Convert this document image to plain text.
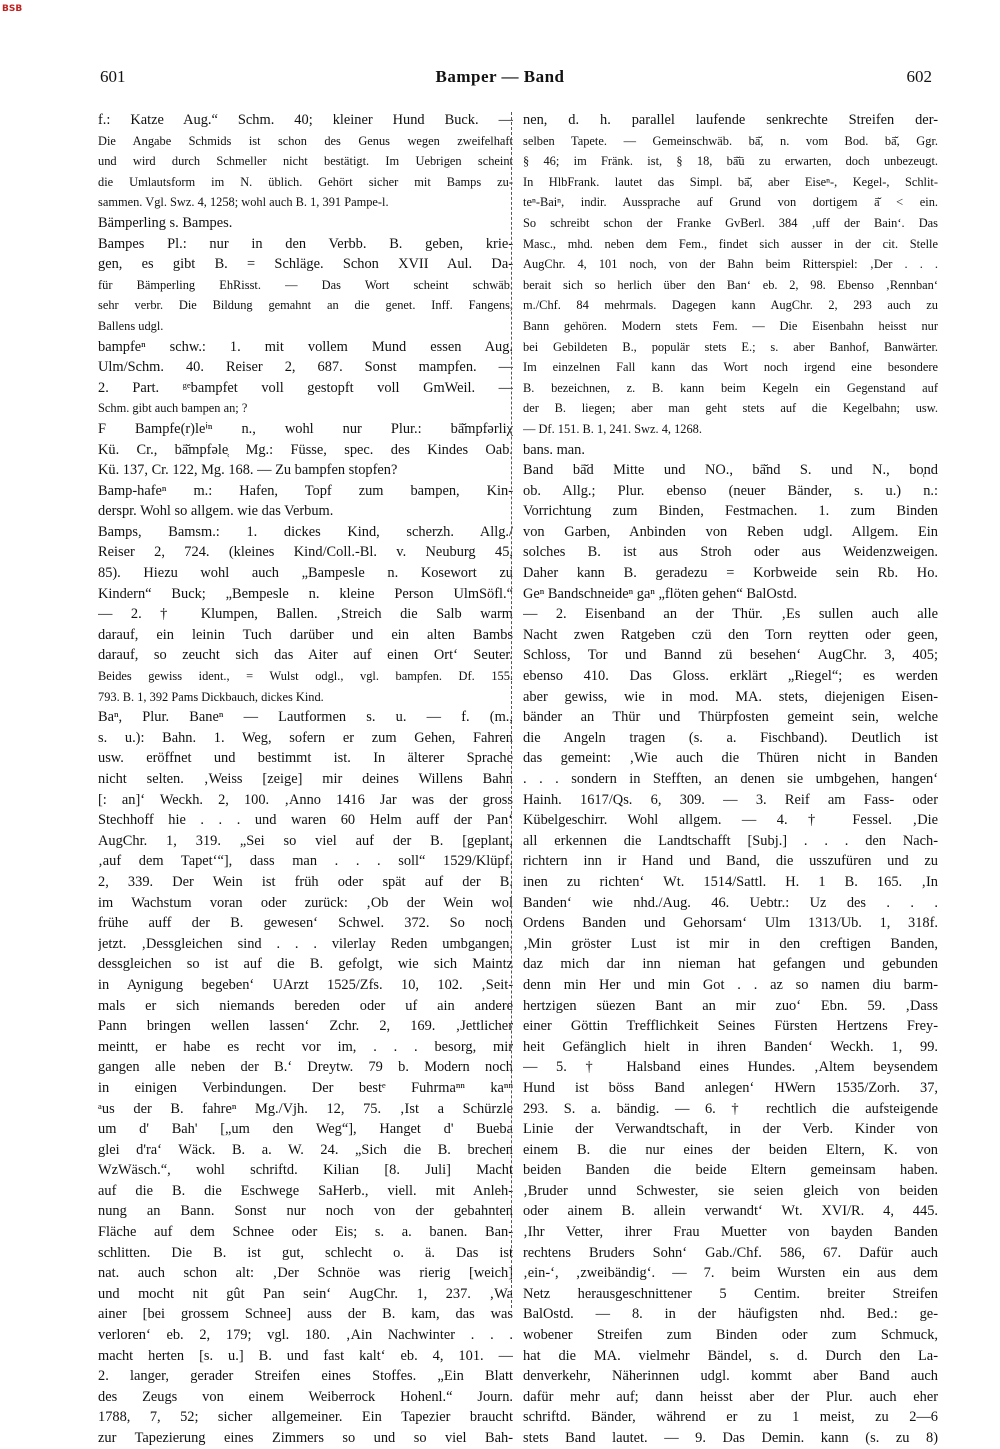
BSB
601	Bamper — Band	602
f.: Katze Aug.“ Schm. 40; kleiner Hund Buck. —
Die Angabe Schmids ist schon des Genus wegen zweifelhaft
und wird durch Schmeller nicht bestätigt. Im Uebrigen scheint
die Umlautsform im N. üblich. Gehört sicher mit Bamps zu-
sammen. Vgl. Swz. 4, 1258; wohl auch B. 1, 391 Pampe-l.
Bämperling s. Bampes.
Bampes Pl.: nur in den Verbb. B. geben, krie-
gen, es gibt B. = Schläge. Schon XVII Aul. Da-
für Bämperling EhRisst. — Das Wort scheint schwäb.
sehr verbr. Die Bildung gemahnt an die genet. Inff. Fangens,
Ballens udgl.
bampfeⁿ schw.: 1. mit vollem Mund essen Aug.
Ulm/Schm. 40. Reiser 2, 687. Sonst mampfen. —
2. Part. ᵍᵉbampfet voll gestopft voll GmWeil. —
Schm. gibt auch bampen an; ?
F Bampfe(r)leⁱⁿ n., wohl nur Plur.: bā̆mpfərliχ
Kü. Cr., bā̆mpfəle̜ Mg.: Füsse, spec. des Kindes Oab.
Kü. 137, Cr. 122, Mg. 168. — Zu bampfen stopfen?
Bamp-hafeⁿ m.: Hafen, Topf zum bampen, Kin-
derspr. Wohl so allgem. wie das Verbum.
Bamps, Bamsm.: 1. dickes Kind, scherzh. Allg./
Reiser 2, 724. (kleines Kind/Coll.-Bl. v. Neuburg 45,
85). Hiezu wohl auch „Bampesle n. Kosewort zu
Kindern“ Buck; „Bempesle n. kleine Person UlmSöfl.“
— 2. † Klumpen, Ballen. ‚Streich die Salb warm
darauf, ein leinin Tuch darüber und ein alten Bambs
darauf, so zeucht sich das Aiter auf einen Ort‘ Seuter.
Beides gewiss ident., = Wulst odgl., vgl. bampfen. Df. 155.
793. B. 1, 392 Pams Dickbauch, dickes Kind.
Baⁿ, Plur. Baneⁿ — Lautformen s. u. — f. (m.,
s. u.): Bahn. 1. Weg, sofern er zum Gehen, Fahren
usw. eröffnet und bestimmt ist. In älterer Sprache
nicht selten. ‚Weiss [zeige] mir deines Willens Bahn
[: an]‘ Weckh. 2, 100. ‚Anno 1416 Jar was der gross
Stechhoff hie . . . und waren 60 Helm auff der Pan‘
AugChr. 1, 319. „Sei so viel auf der B. [geplant,
‚auf dem Tapet‘“], dass man . . . soll“ 1529/Klüpf.
2, 339. Der Wein ist früh oder spät auf der B.
im Wachstum voran oder zurück: ‚Ob der Wein wol
frühe auff der B. gewesen‘ Schwel. 372. So noch
jetzt. ‚Dessgleichen sind . . . vilerlay Reden umbgangen,
dessgleichen so ist auf die B. gefolgt, wie sich Maintz
in Aynigung begeben‘ UArzt 1525/Zfs. 10, 102. ‚Seit-
mals er sich niemands bereden oder uf ain andere
Pann bringen wellen lassen‘ Zchr. 2, 169. ‚Jettlicher
meintt, er habe es recht vor im, . . . besorg, mir
gangen alle neben der B.‘ Dreytw. 79 b. Modern noch
in einigen Verbindungen. Der bestᵉ Fuhrmaⁿⁿ kaⁿⁿ
ᵃus der B. fahreⁿ Mg./Vjh. 12, 75. ‚Ist a Schürzle
um d' Bah' [„um den Weg“], Hanget d' Bueba
glei d'ra‘ Wäck. B. a. W. 24. „Sich die B. brechen
WzWäsch.“, wohl schriftd. Kilian [8. Juli] Macht
auf die B. die Eschwege SaHerb., viell. mit Anleh-
nung an Bann. Sonst nur noch von der gebahnten
Fläche auf dem Schnee oder Eis; s. a. banen. Ban-
schlitten. Die B. ist gut, schlecht o. ä. Das ist
nat. auch schon alt: ‚Der Schnöe was rierig [weich]
und mocht nit gût Pan sein‘ AugChr. 1, 237. ‚Wa
ainer [bei grossem Schnee] auss der B. kam, das was
verloren‘ eb. 2, 179; vgl. 180. ‚Ain Nachwinter . . .
macht herten [s. u.] B. und fast kalt‘ eb. 4, 101. —
2. langer, gerader Streifen eines Stoffes. „Ein Blatt
des Zeugs von einem Weiberrock Hohenl.“ Journ.
1788, 7, 52; sicher allgemeiner. Ein Tapezier braucht
zur Tapezierung eines Zimmers so und so viel Bah-
nen, d. h. parallel laufende senkrechte Streifen der-
selben Tapete. — Gemeinschwäb. bā̆, n. vom Bod. bā̆, Ggr.
§ 46; im Fränk. ist, § 18, bā̆ū zu erwarten, doch unbezeugt.
In HlbFrank. lautet das Simpl. bā̆, aber Eiseⁿ-, Kegel-, Schlit-
teⁿ-Baiⁿ, indir. Aussprache auf Grund von dortigem ā̆ < ein.
So schreibt schon der Franke GvBerl. 384 ‚uff der Bain‘. Das
Masc., mhd. neben dem Fem., findet sich ausser in der cit. Stelle
AugChr. 4, 101 noch, von der Bahn beim Ritterspiel: ‚Der . . .
berait sich so herlich über den Ban‘ eb. 2, 98. Ebenso ‚Rennban‘
m./Chf. 84 mehrmals. Dagegen kann AugChr. 2, 293 auch zu
Bann gehören. Modern stets Fem. — Die Eisenbahn heisst nur
bei Gebildeten B., populär stets E.; s. aber Banhof, Banwärter.
Im einzelnen Fall kann das Wort noch irgend eine besondere
B. bezeichnen, z. B. kann beim Kegeln ein Gegenstand auf
der B. liegen; aber man geht stets auf die Kegelbahn; usw.
— Df. 151. B. 1, 241. Swz. 4, 1268.
bans. man.
Band bā̆d Mitte und NO., bā̆nd S. und N., bo̜nd
ob. Allg.; Plur. ebenso (neuer Bänder, s. u.) n.:
Vorrichtung zum Binden, Festmachen. 1. zum Binden
von Garben, Anbinden von Reben udgl. Allgem. Ein
solches B. ist aus Stroh oder aus Weidenzweigen.
Daher kann B. geradezu = Korbweide sein Rb. Ho.
Geⁿ Bandschneideⁿ gaⁿ „flöten gehen“ BalOstd.
— 2. Eisenband an der Thür. ‚Es sullen auch alle
Nacht zwen Ratgeben czü den Torn reytten oder geen,
Schloss, Tor und Bannd zü besehen‘ AugChr. 3, 405;
ebenso 410. Das Gloss. erklärt „Riegel“; es werden
aber gewiss, wie in mod. MA. stets, diejenigen Eisen-
bänder an Thür und Thürpfosten gemeint sein, welche
die Angeln tragen (s. a. Fischband). Deutlich ist
das gemeint: ‚Wie auch die Thüren nicht in Banden
. . . sondern in Stefften, an denen sie umbgehen, hangen‘
Hainh. 1617/Qs. 6, 309. — 3. Reif am Fass- oder
Kübelgeschirr. Wohl allgem. — 4. † Fessel. ‚Die
all erkennen die Landtschafft [Subj.] . . . den Nach-
richtern inn ir Hand und Band, die usszufüren und zu
inen zu richten‘ Wt. 1514/Sattl. H. 1 B. 165. ‚In
Banden‘ wie nhd./Aug. 46. Uebtr.: Uz des . . .
Ordens Banden und Gehorsam‘ Ulm 1313/Ub. 1, 318f.
‚Min gröster Lust ist mir in den creftigen Banden,
daz mich dar inn nieman hat gefangen und gebunden
denn min Her und min Got . . az so namen diu barm-
hertzigen süezen Bant an mir zuo‘ Ebn. 59. ‚Dass
einer Göttin Trefflichkeit Seines Fürsten Hertzens Frey-
heit Gefänglich hielt in ihren Banden‘ Weckh. 1, 99.
— 5. † Halsband eines Hundes. ‚Altem beysendem
Hund ist böss Band anlegen‘ HWern 1535/Zorh. 37,
293. S. a. bändig. — 6. † rechtlich die aufsteigende
Linie der Verwandtschaft, in der Verb. Kinder von
einem B. die nur eines der beiden Eltern, K. von
beiden Banden die beide Eltern gemeinsam haben.
‚Bruder unnd Schwester, sie seien gleich von beiden
oder ainem B. allein verwandt‘ Wt. XVI/R. 4, 445.
‚Ihr Vetter, ihrer Frau Muetter von bayden Banden
rechtens Bruders Sohn‘ Gab./Chf. 586, 67. Dafür auch
‚ein-‘, ‚zweibändig‘. — 7. beim Wursten ein aus dem
Netz herausgeschnittener 5 Centim. breiter Streifen
BalOstd. — 8. in der häufigsten nhd. Bed.: ge-
wobener Streifen zum Binden oder zum Schmuck,
hat die MA. vielmehr Bändel, s. d. Durch den La-
denverkehr, Näherinnen udgl. kommt aber Band auch
dafür mehr auf; dann heisst aber der Plur. auch eher
schriftd. Bänder, während er zu 1 meist, zu 2—6
stets Band lautet. — 9. Das Demin. kann (s. zu 8)
